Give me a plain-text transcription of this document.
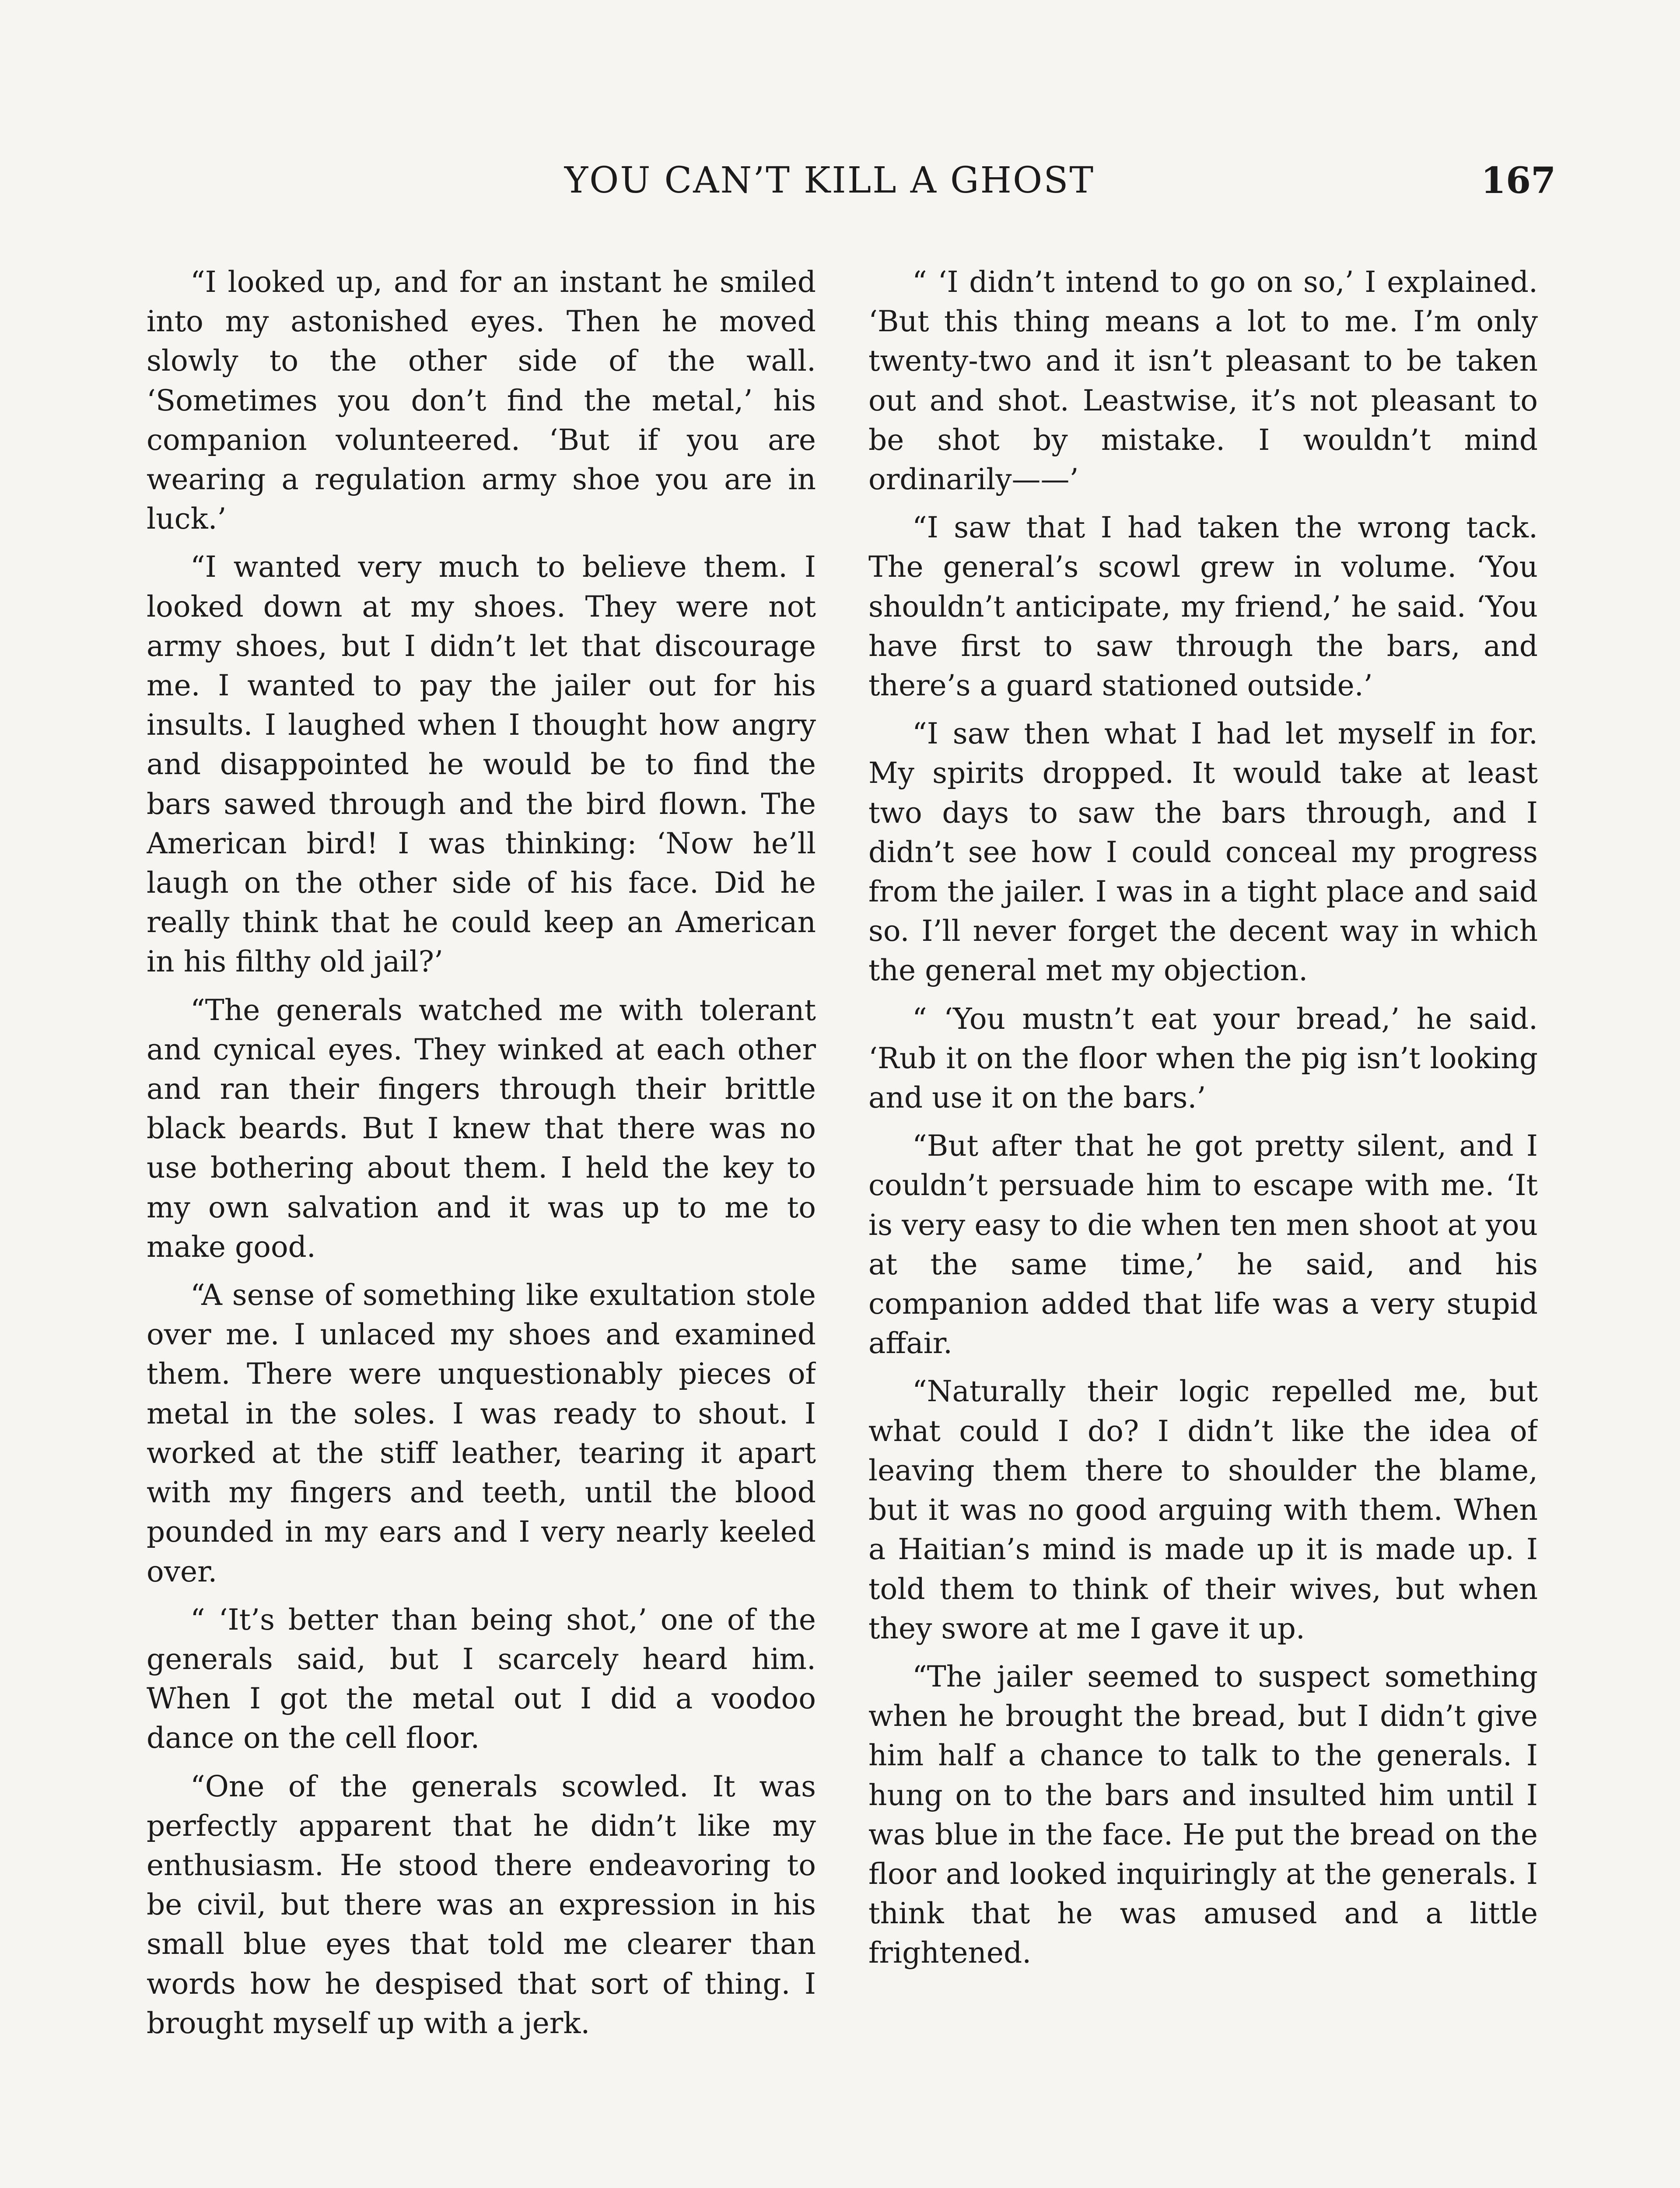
YOU CAN’T KILL A GHOST	167

“I looked up, and for an instant he smiled into my astonished eyes. Then he moved slowly to the other side of the wall. ‘Sometimes you don’t find the metal,’ his companion volunteered. ‘But if you are wearing a regulation army shoe you are in luck.’

“I wanted very much to believe them. I looked down at my shoes. They were not army shoes, but I didn’t let that discourage me. I wanted to pay the jailer out for his insults. I laughed when I thought how angry and disappointed he would be to find the bars sawed through and the bird flown. The American bird! I was thinking: ‘Now he’ll laugh on the other side of his face. Did he really think that he could keep an American in his filthy old jail?’

“The generals watched me with tolerant and cynical eyes. They winked at each other and ran their fingers through their brittle black beards. But I knew that there was no use bothering about them. I held the key to my own salvation and it was up to me to make good.

“A sense of something like exultation stole over me. I unlaced my shoes and examined them. There were unquestionably pieces of metal in the soles. I was ready to shout. I worked at the stiff leather, tearing it apart with my fingers and teeth, until the blood pounded in my ears and I very nearly keeled over.

“ ‘It’s better than being shot,’ one of the generals said, but I scarcely heard him. When I got the metal out I did a voodoo dance on the cell floor.

“One of the generals scowled. It was perfectly apparent that he didn’t like my enthusiasm. He stood there endeavoring to be civil, but there was an expression in his small blue eyes that told me clearer than words how he despised that sort of thing. I brought myself up with a jerk.

“ ‘I didn’t intend to go on so,’ I explained. ‘But this thing means a lot to me. I’m only twenty-two and it isn’t pleasant to be taken out and shot. Leastwise, it’s not pleasant to be shot by mistake. I wouldn’t mind ordinarily——’

“I saw that I had taken the wrong tack. The general’s scowl grew in volume. ‘You shouldn’t anticipate, my friend,’ he said. ‘You have first to saw through the bars, and there’s a guard stationed outside.’

“I saw then what I had let myself in for. My spirits dropped. It would take at least two days to saw the bars through, and I didn’t see how I could conceal my progress from the jailer. I was in a tight place and said so. I’ll never forget the decent way in which the general met my objection.

“ ‘You mustn’t eat your bread,’ he said. ‘Rub it on the floor when the pig isn’t looking and use it on the bars.’

“But after that he got pretty silent, and I couldn’t persuade him to escape with me. ‘It is very easy to die when ten men shoot at you at the same time,’ he said, and his companion added that life was a very stupid affair.

“Naturally their logic repelled me, but what could I do? I didn’t like the idea of leaving them there to shoulder the blame, but it was no good arguing with them. When a Haitian’s mind is made up it is made up. I told them to think of their wives, but when they swore at me I gave it up.

“The jailer seemed to suspect something when he brought the bread, but I didn’t give him half a chance to talk to the generals. I hung on to the bars and insulted him until I was blue in the face. He put the bread on the floor and looked inquiringly at the generals. I think that he was amused and a little frightened.
